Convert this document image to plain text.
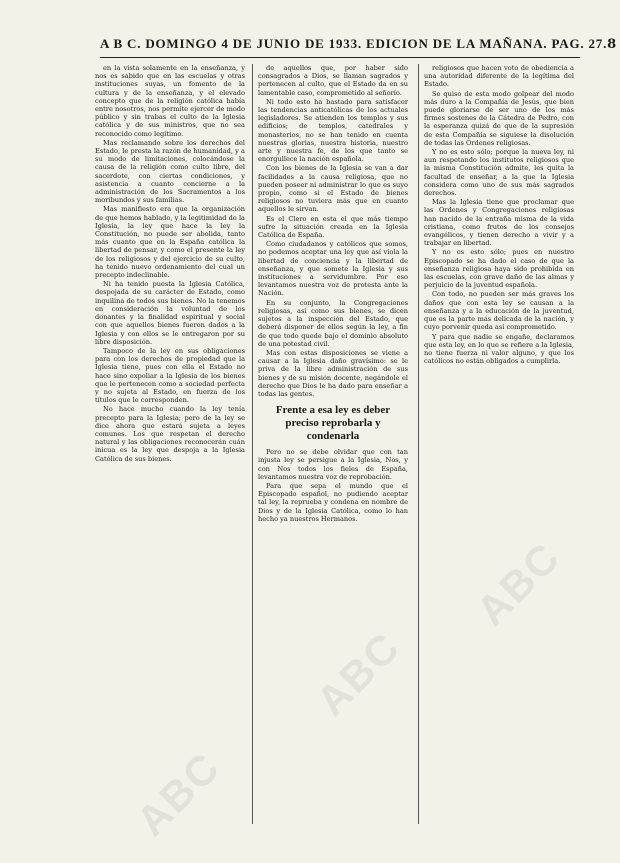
A B C. DOMINGO 4 DE JUNIO DE 1933. EDICION DE LA MAÑANA. PAG. 27. 8

en la vista solamente en la enseñanza, y nos es sabido que en las escuelas y otras instituciones suyas, un fomento de la cultura y de la enseñanza, y el elevado concepto que de la religión católica había entre nosotros, nos permite ejercer de modo público y sin trabas el culto de la Iglesia católica y de sus ministros, que no sea reconocido como legítimo.

Mas reclamando sobre los derechos del Estado, le presta la razón de humanidad, y a su modo de limitaciones, colocándose la causa de la religión como culto libre, del sacerdote, con ciertas condiciones, y asistencia a cuanto concierne a la administración de los Sacramentos a los moribundos y sus familias.

Mas manifiesto era que la organización de que hemos hablado, y la legitimidad de la Iglesia, la ley que hace la ley la Constitución, no puede ser abolida, tanto más cuanto que en la España católica la libertad de pensar, y como el presente la ley de los religiosos y del ejercicio de su culto, ha tenido nuevo ordenamiento del cual un precepto indeclinable.

Ni ha tenido puesta la Iglesia Católica, despojada de su carácter de Estado, como inquilina de todos sus bienes. No la tenemos en consideración la voluntad de los donantes y la finalidad espiritual y social con que aquellos bienes fueron dados a la Iglesia y con ellos se le entregaron por su libre disposición.

Tampoco de la ley en sus obligaciones para con los derechos de propiedad que la Iglesia tiene, pues con ella el Estado no hace sino expoliar a la Iglesia de los bienes que le pertenecen como a sociedad perfecta y no sujeta al Estado, en fuerza de los títulos que le corresponden.

No hace mucho cuando la ley tenía precepto para la Iglesia; pero de la ley se dice ahora que estará sujeta a leyes comunes. Los que respetan el derecho natural y las obligaciones reconocerán cuán inicua es la ley que despoja a la Iglesia Católica de sus bienes.

de aquellos que, por haber sido consagrados a Dios, se llaman sagrados y pertenecen al culto, que el Estado da en su lamentable caso, comprometido al señorío.

Ni todo esto ha bastado para satisfacer las tendencias anticatólicas de los actuales legisladores. Se atienden los templos y sus edificios; de templos, catedrales y monasterios, no se han tenido en cuenta nuestras glorias, nuestra historia, nuestro arte y nuestra fe, de los que tanto se enorgullece la nación española.

Con los bienes de la Iglesia se van a dar facilidades a la causa religiosa, que no pueden poseer ni administrar lo que es suyo propio, como si el Estado de bienes religiosos no tuviera más que en cuanto aquellos le sirvan.

Es el Clero en esta el que más tiempo sufre la situación creada en la Iglesia Católica de España.

Como ciudadanos y católicos que somos, no podemos aceptar una ley que así viola la libertad de conciencia y la libertad de enseñanza, y que somete la Iglesia y sus instituciones a servidumbre. Por eso levantamos nuestra voz de protesta ante la Nación.

En su conjunto, la Congregaciones religiosas, así como sus bienes, se dicen sujetos a la inspección del Estado, que deberá disponer de ellos según la ley, a fin de que todo quede bajo el dominio absoluto de una potestad civil.

Mas con estas disposiciones se viene a causar a la Iglesia daño gravísimo: se le priva de la libre administración de sus bienes y de su misión docente, negándole el derecho que Dios le ha dado para enseñar a todas las gentes.

Frente a esa ley es deber preciso reprobarla y condenarla

Pero no se debe olvidar que con tan injusta ley se persigue a la Iglesia, Nos, y con Nos todos los fieles de España, levantamos nuestra voz de reprobación.

Para que sepa el mundo que el Episcopado español, no pudiendo aceptar tal ley, la reprueba y condena en nombre de Dios y de la Iglesia Católica, como lo han hecho ya nuestros Hermanos.

religiosos que hacen voto de obediencia a una autoridad diferente de la legítima del Estado.

Se quiso de esta modo golpear del modo más duro a la Compañía de Jesús, que bien puede gloriarse de ser uno de los más firmes sostenes de la Cátedra de Pedro, con la esperanza quizá de que de la supresión de esta Compañía se siguiese la disolución de todas las Ordenes religiosas.

Y no es esto sólo; porque la nueva ley, ni aun respetando los institutos religiosos que la misma Constitución admite, les quita la facultad de enseñar, a la que la Iglesia considera como uno de sus más sagrados derechos.

Mas la Iglesia tiene que proclamar que las Ordenes y Congregaciones religiosas han nacido de la entraña misma de la vida cristiana, como frutos de los consejos evangélicos, y tienen derecho a vivir y a trabajar en libertad.

Y no es esto sólo; pues en nuestro Episcopado se ha dado el caso de que la enseñanza religiosa haya sido prohibida en las escuelas, con grave daño de las almas y perjuicio de la juventud española.

Con todo, no pueden ser más graves los daños que con esta ley se causan a la enseñanza y a la educación de la juventud, que es la parte más delicada de la nación, y cuyo porvenir queda así comprometido.

Y para que nadie se engañe, declaramos que esta ley, en lo que se refiere a la Iglesia, no tiene fuerza ni valor alguno, y que los católicos no están obligados a cumplirla.

ABC
ABC
ABC
